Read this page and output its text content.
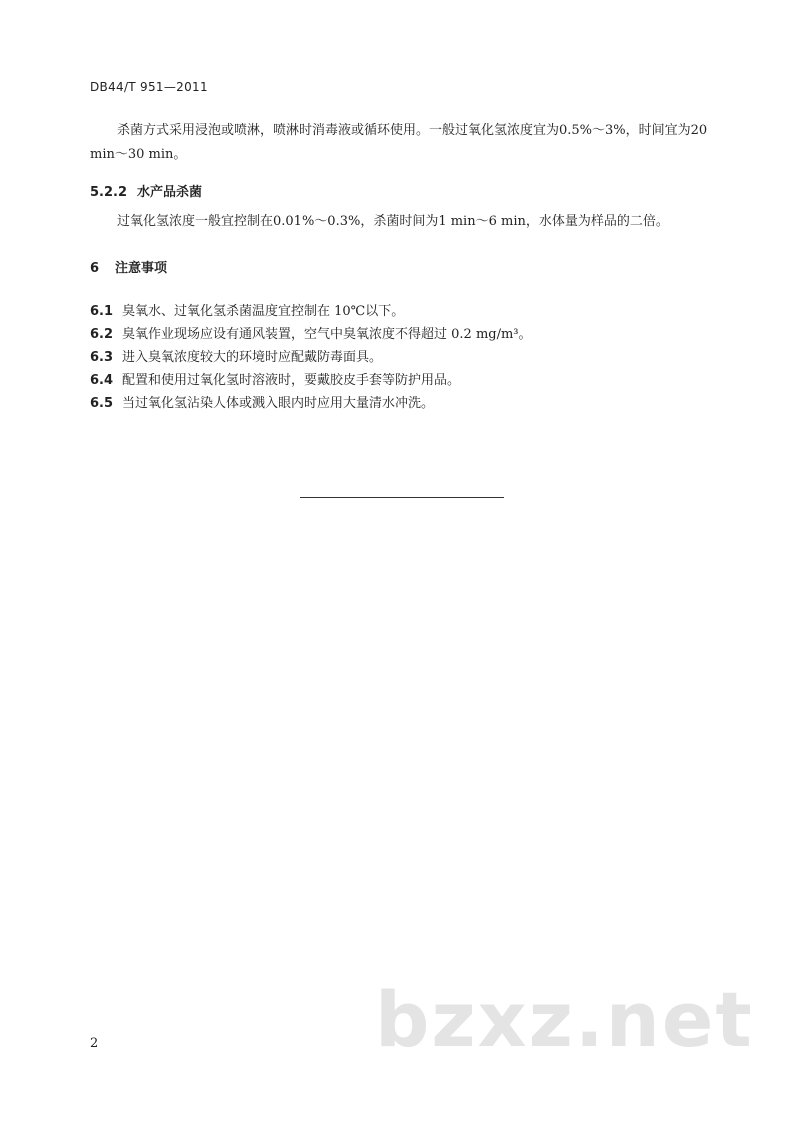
DB44/T 951—2011

杀菌方式采用浸泡或喷淋，喷淋时消毒液或循环使用。一般过氧化氢浓度宜为0.5%～3%，时间宜为20 min～30 min。

5.2.2 水产品杀菌

过氧化氢浓度一般宜控制在0.01%～0.3%，杀菌时间为1 min～6 min，水体量为样品的二倍。

6 注意事项
6.1 臭氧水、过氧化氢杀菌温度宜控制在 10℃以下。
6.2 臭氧作业现场应设有通风装置，空气中臭氧浓度不得超过 0.2 mg/m³。
6.3 进入臭氧浓度较大的环境时应配戴防毒面具。
6.4 配置和使用过氧化氢时溶液时，要戴胶皮手套等防护用品。
6.5 当过氧化氢沾染人体或溅入眼内时应用大量清水冲洗。
2	bzxz.net
